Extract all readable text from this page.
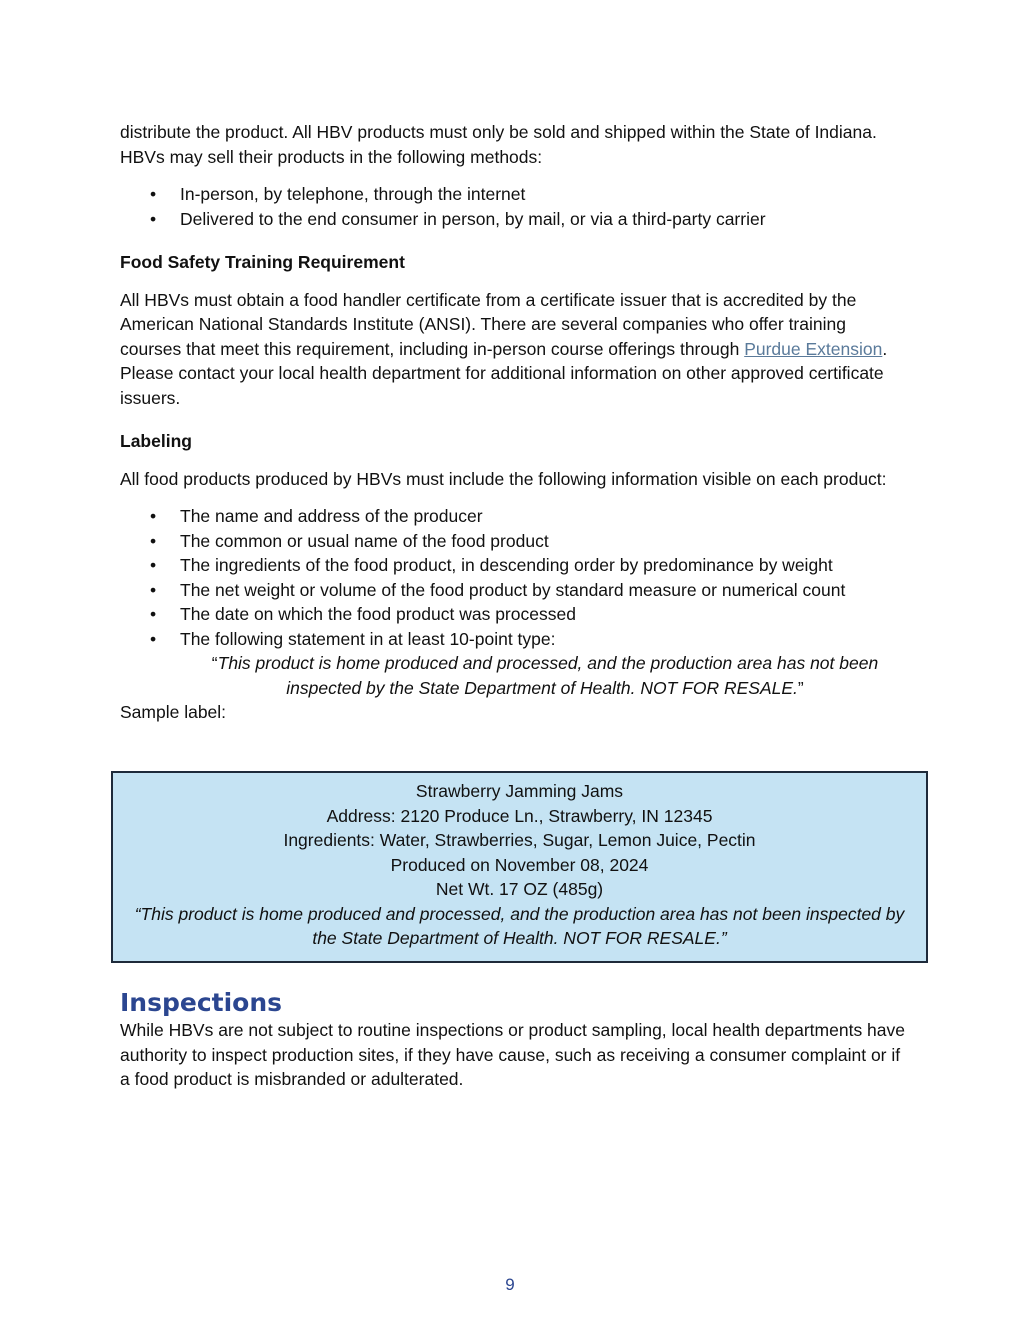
distribute the product. All HBV products must only be sold and shipped within the State of Indiana. HBVs may sell their products in the following methods:

• In-person, by telephone, through the internet
• Delivered to the end consumer in person, by mail, or via a third-party carrier

Food Safety Training Requirement

All HBVs must obtain a food handler certificate from a certificate issuer that is accredited by the American National Standards Institute (ANSI). There are several companies who offer training courses that meet this requirement, including in-person course offerings through Purdue Extension. Please contact your local health department for additional information on other approved certificate issuers.

Labeling

All food products produced by HBVs must include the following information visible on each product:

• The name and address of the producer
• The common or usual name of the food product
• The ingredients of the food product, in descending order by predominance by weight
• The net weight or volume of the food product by standard measure or numerical count
• The date on which the food product was processed
• The following statement in at least 10-point type:

“This product is home produced and processed, and the production area has not been inspected by the State Department of Health. NOT FOR RESALE.”

Sample label:

Strawberry Jamming Jams
Address: 2120 Produce Ln., Strawberry, IN 12345
Ingredients: Water, Strawberries, Sugar, Lemon Juice, Pectin
Produced on November 08, 2024
Net Wt. 17 OZ (485g)
“This product is home produced and processed, and the production area has not been inspected by the State Department of Health. NOT FOR RESALE.”
Inspections

While HBVs are not subject to routine inspections or product sampling, local health departments have authority to inspect production sites, if they have cause, such as receiving a consumer complaint or if a food product is misbranded or adulterated.

9
